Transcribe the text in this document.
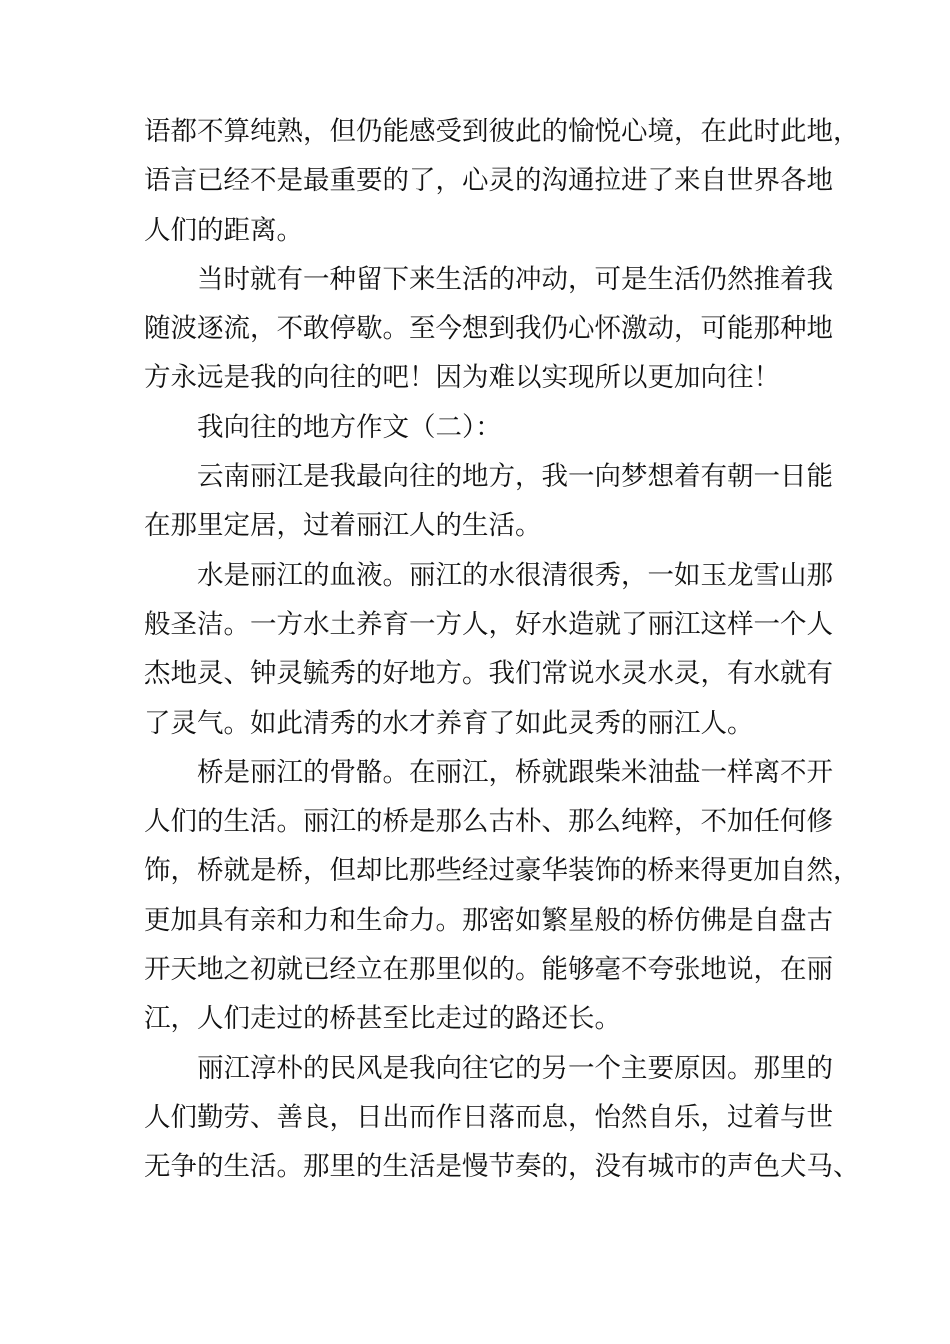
语都不算纯熟，但仍能感受到彼此的愉悦心境，在此时此地，
语言已经不是最重要的了，心灵的沟通拉进了来自世界各地
人们的距离。
当时就有一种留下来生活的冲动，可是生活仍然推着我
随波逐流，不敢停歇。至今想到我仍心怀激动，可能那种地
方永远是我的向往的吧！因为难以实现所以更加向往！
我向往的地方作文（二）：
云南丽江是我最向往的地方，我一向梦想着有朝一日能
在那里定居，过着丽江人的生活。
水是丽江的血液。丽江的水很清很秀，一如玉龙雪山那
般圣洁。一方水土养育一方人，好水造就了丽江这样一个人
杰地灵、钟灵毓秀的好地方。我们常说水灵水灵，有水就有
了灵气。如此清秀的水才养育了如此灵秀的丽江人。
桥是丽江的骨骼。在丽江，桥就跟柴米油盐一样离不开
人们的生活。丽江的桥是那么古朴、那么纯粹，不加任何修
饰，桥就是桥，但却比那些经过豪华装饰的桥来得更加自然，
更加具有亲和力和生命力。那密如繁星般的桥仿佛是自盘古
开天地之初就已经立在那里似的。能够毫不夸张地说，在丽
江，人们走过的桥甚至比走过的路还长。
丽江淳朴的民风是我向往它的另一个主要原因。那里的
人们勤劳、善良，日出而作日落而息，怡然自乐，过着与世
无争的生活。那里的生活是慢节奏的，没有城市的声色犬马、
